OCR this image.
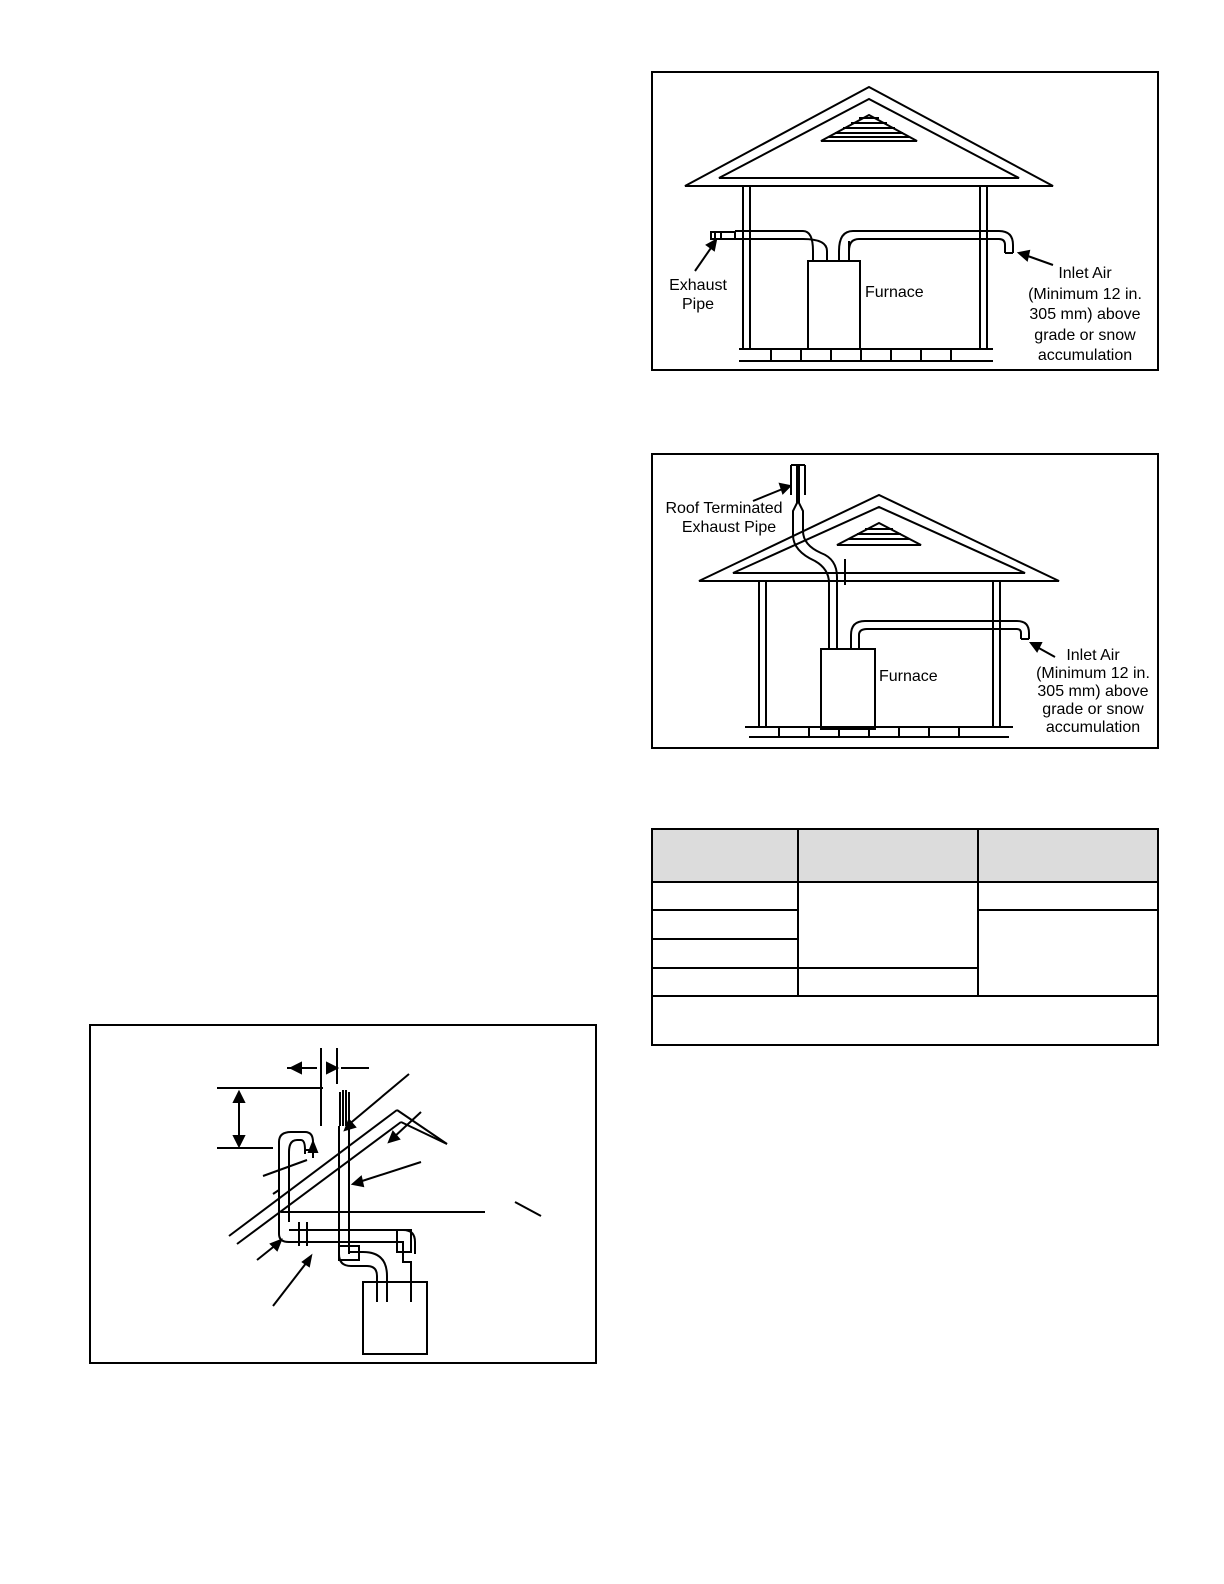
Exhaust
Pipe
Furnace
Inlet Air
(Minimum 12 in.
305 mm) above
grade or snow
accumulation
Roof Terminated
Exhaust Pipe
Furnace
Inlet Air
(Minimum 12 in.
305 mm) above
grade or snow
accumulation
